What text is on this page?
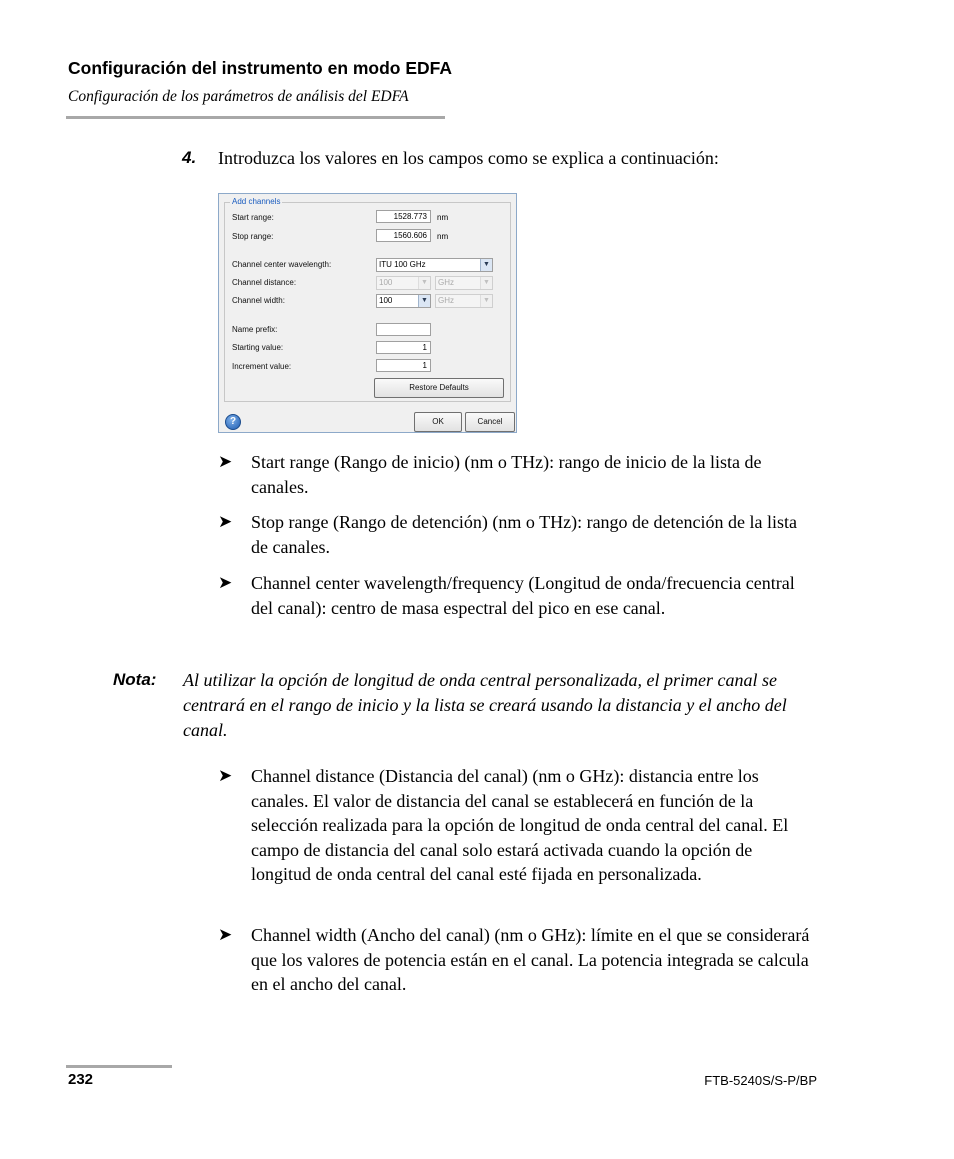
Configuración del instrumento en modo EDFA
Configuración de los parámetros de análisis del EDFA
4. Introduzca los valores en los campos como se explica a continuación:
Add channels
Start range:	1528.773	nm
Stop range:	1560.606	nm
Channel center wavelength:	ITU 100 GHz	▼
Channel distance:	100	▼	GHz	▼
Channel width:	100	▼	GHz	▼
Name prefix:
Starting value:	1
Increment value:	1
Restore Defaults
?	OK	Cancel
➤ Start range (Rango de inicio) (nm o THz): rango de inicio de la lista de canales.
➤ Stop range (Rango de detención) (nm o THz): rango de detención de la lista de canales.
➤ Channel center wavelength/frequency (Longitud de onda/frecuencia central del canal): centro de masa espectral del pico en ese canal.
Nota: Al utilizar la opción de longitud de onda central personalizada, el primer canal se centrará en el rango de inicio y la lista se creará usando la distancia y el ancho del canal.
➤ Channel distance (Distancia del canal) (nm o GHz): distancia entre los canales. El valor de distancia del canal se establecerá en función de la selección realizada para la opción de longitud de onda central del canal. El campo de distancia del canal solo estará activada cuando la opción de longitud de onda central del canal esté fijada en personalizada.
➤ Channel width (Ancho del canal) (nm o GHz): límite en el que se considerará que los valores de potencia están en el canal. La potencia integrada se calcula en el ancho del canal.
232	FTB-5240S/S-P/BP
